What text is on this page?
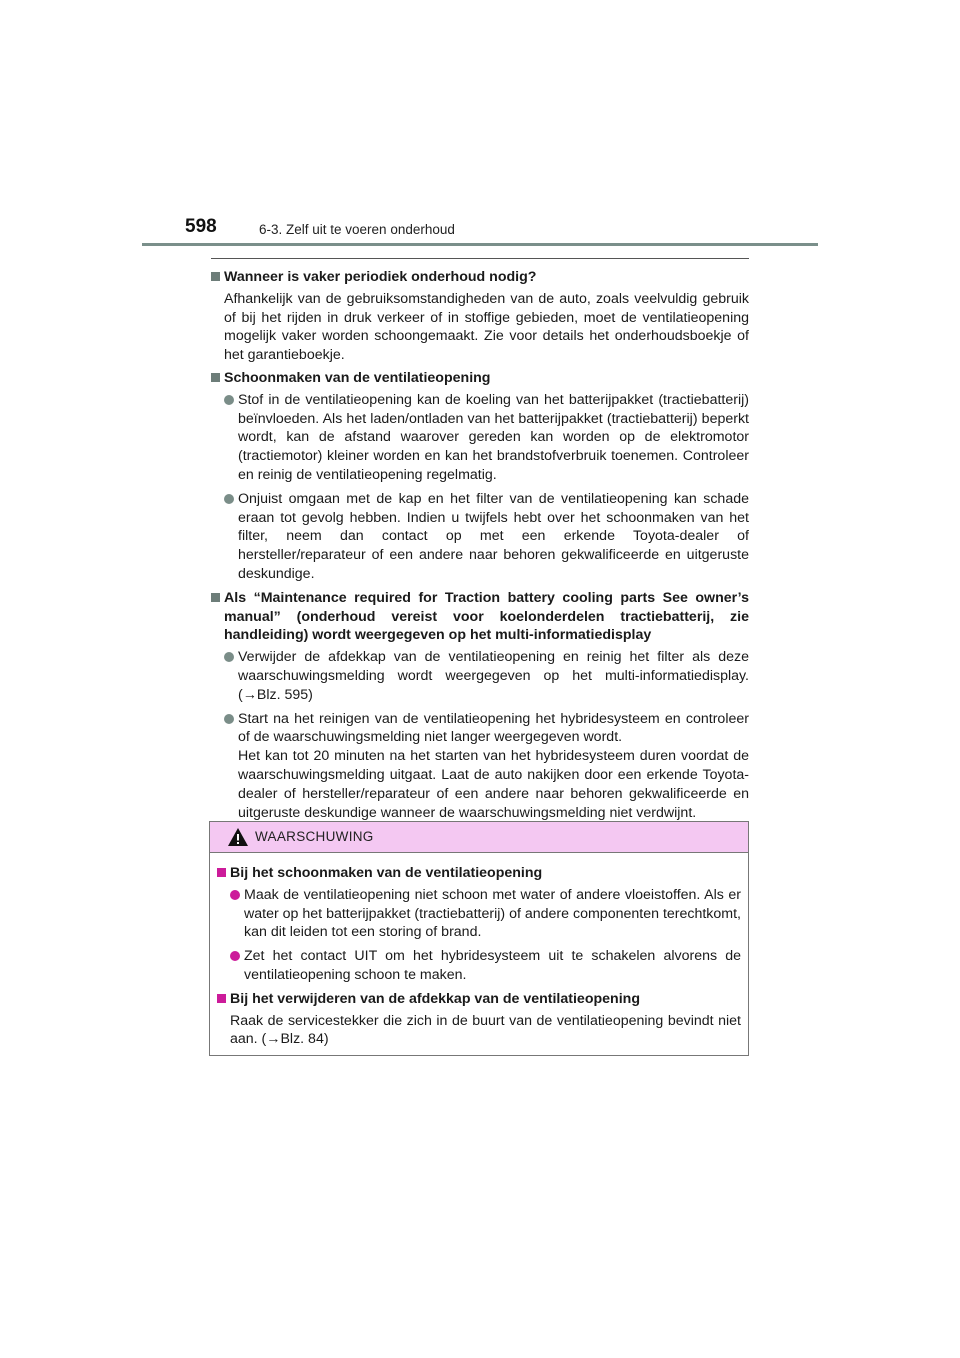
598	6-3. Zelf uit te voeren onderhoud
Wanneer is vaker periodiek onderhoud nodig?
Afhankelijk van de gebruiksomstandigheden van de auto, zoals veelvuldig gebruik of bij het rijden in druk verkeer of in stoffige gebieden, moet de ventilatieopening mogelijk vaker worden schoongemaakt. Zie voor details het onderhoudsboekje of het garantieboekje.
Schoonmaken van de ventilatieopening
Stof in de ventilatieopening kan de koeling van het batterijpakket (tractiebatterij) beïnvloeden. Als het laden/ontladen van het batterijpakket (tractiebatterij) beperkt wordt, kan de afstand waarover gereden kan worden op de elektromotor (tractiemotor) kleiner worden en kan het brandstofverbruik toenemen. Controleer en reinig de ventilatieopening regelmatig.
Onjuist omgaan met de kap en het filter van de ventilatieopening kan schade eraan tot gevolg hebben. Indien u twijfels hebt over het schoonmaken van het filter, neem dan contact op met een erkende Toyota-dealer of hersteller/reparateur of een andere naar behoren gekwalificeerde en uitgeruste deskundige.
Als “Maintenance required for Traction battery cooling parts See owner’s manual” (onderhoud vereist voor koelonderdelen tractiebatterij, zie handleiding) wordt weergegeven op het multi-informatiedisplay
Verwijder de afdekkap van de ventilatieopening en reinig het filter als deze waarschuwingsmelding wordt weergegeven op het multi-informatiedisplay. (→Blz. 595)
Start na het reinigen van de ventilatieopening het hybridesysteem en controleer of de waarschuwingsmelding niet langer weergegeven wordt.
Het kan tot 20 minuten na het starten van het hybridesysteem duren voordat de waarschuwingsmelding uitgaat. Laat de auto nakijken door een erkende Toyota-dealer of hersteller/reparateur of een andere naar behoren gekwalificeerde en uitgeruste deskundige wanneer de waarschuwingsmelding niet verdwijnt.
WAARSCHUWING
Bij het schoonmaken van de ventilatieopening
Maak de ventilatieopening niet schoon met water of andere vloeistoffen. Als er water op het batterijpakket (tractiebatterij) of andere componenten terechtkomt, kan dit leiden tot een storing of brand.
Zet het contact UIT om het hybridesysteem uit te schakelen alvorens de ventilatieopening schoon te maken.
Bij het verwijderen van de afdekkap van de ventilatieopening
Raak de servicestekker die zich in de buurt van de ventilatieopening bevindt niet aan. (→Blz. 84)
